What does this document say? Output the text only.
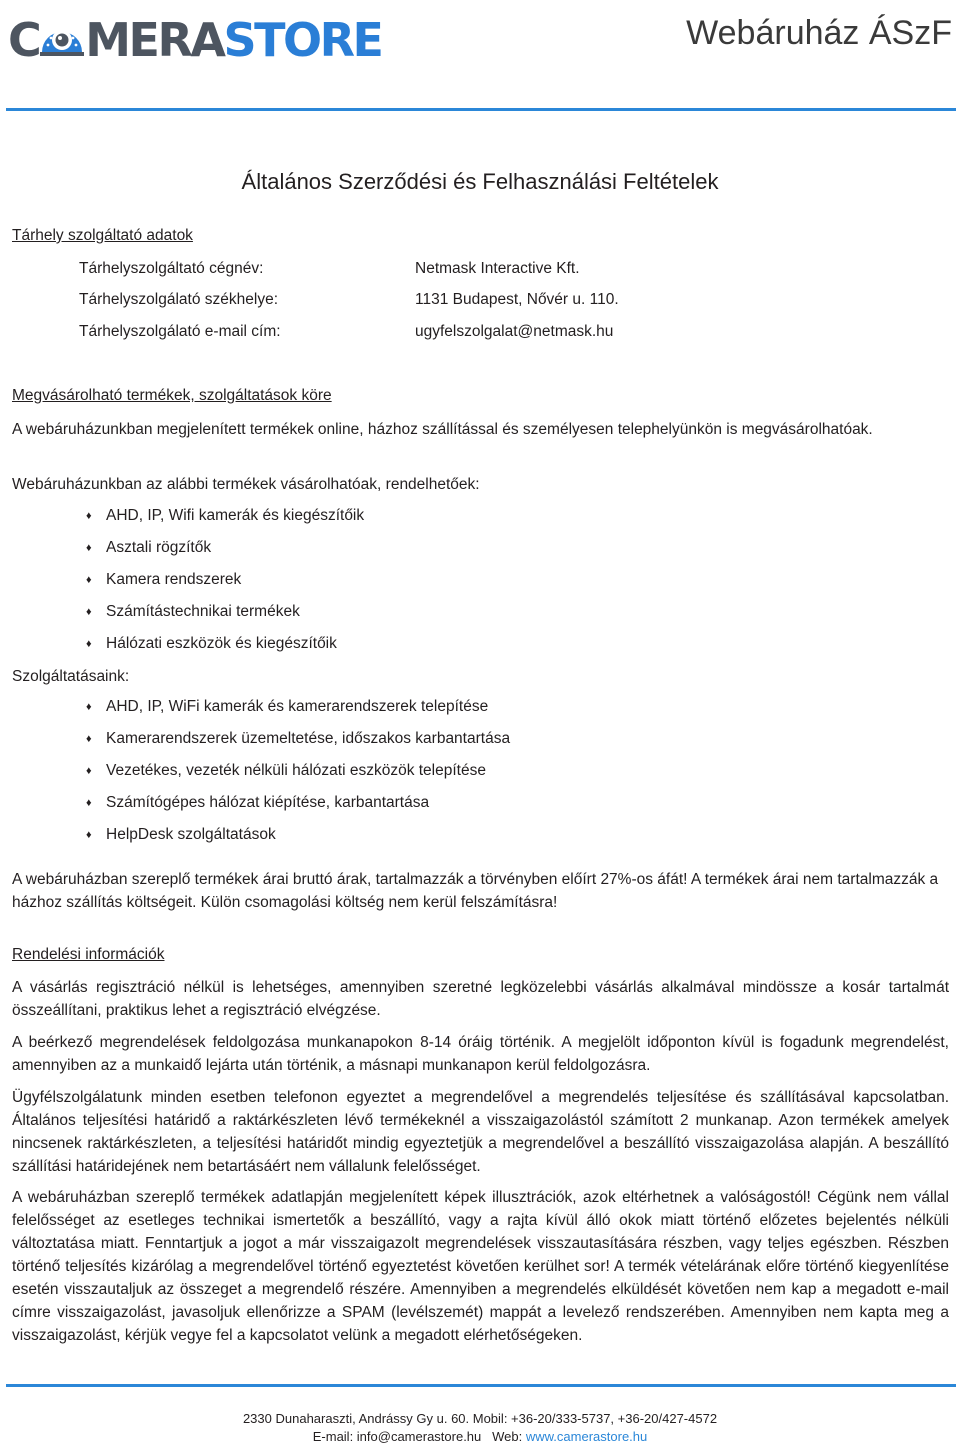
C MERASTORE	Webáruház ÁSzF
Általános Szerződési és Felhasználási Feltételek
Tárhely szolgáltató adatok
Tárhelyszolgáltató cégnév:	Netmask Interactive Kft.
Tárhelyszolgálató székhelye:	1131 Budapest, Nővér u. 110.
Tárhelyszolgálató e-mail cím:	ugyfelszolgalat@netmask.hu
Megvásárolható termékek, szolgáltatások köre

A webáruházunkban megjelenített termékek online, házhoz szállítással és személyesen telephelyünkön is megvásárolhatóak.

Webáruházunkban az alábbi termékek vásárolhatóak, rendelhetőek:

♦ AHD, IP, Wifi kamerák és kiegészítőik
♦ Asztali rögzítők
♦ Kamera rendszerek
♦ Számítástechnikai termékek
♦ Hálózati eszközök és kiegészítőik

Szolgáltatásaink:

♦ AHD, IP, WiFi kamerák és kamerarendszerek telepítése
♦ Kamerarendszerek üzemeltetése, időszakos karbantartása
♦ Vezetékes, vezeték nélküli hálózati eszközök telepítése
♦ Számítógépes hálózat kiépítése, karbantartása
♦ HelpDesk szolgáltatások

A webáruházban szereplő termékek árai bruttó árak, tartalmazzák a törvényben előírt 27%-os áfát! A termékek árai nem tartalmazzák a házhoz szállítás költségeit. Külön csomagolási költség nem kerül felszámításra!

Rendelési információk

A vásárlás regisztráció nélkül is lehetséges, amennyiben szeretné legközelebbi vásárlás alkalmával mindössze a kosár tartalmát összeállítani, praktikus lehet a regisztráció elvégzése.

A beérkező megrendelések feldolgozása munkanapokon 8-14 óráig történik. A megjelölt időponton kívül is fogadunk megrendelést, amennyiben az a munkaidő lejárta után történik, a másnapi munkanapon kerül feldolgozásra.

Ügyfélszolgálatunk minden esetben telefonon egyeztet a megrendelővel a megrendelés teljesítése és szállításával kapcsolatban. Általános teljesítési határidő a raktárkészleten lévő termékeknél a visszaigazolástól számított 2 munkanap. Azon termékek amelyek nincsenek raktárkészleten, a teljesítési határidőt mindig egyeztetjük a megrendelővel a beszállító visszaigazolása alapján. A beszállító szállítási határidejének nem betartásáért nem vállalunk felelősséget.

A webáruházban szereplő termékek adatlapján megjelenített képek illusztrációk, azok eltérhetnek a valóságostól! Cégünk nem vállal felelősséget az esetleges technikai ismertetők a beszállító, vagy a rajta kívül álló okok miatt történő előzetes bejelentés nélküli változtatása miatt. Fenntartjuk a jogot a már visszaigazolt megrendelések visszautasítására részben, vagy teljes egészben. Részben történő teljesítés kizárólag a megrendelővel történő egyeztetést követően kerülhet sor! A termék vételárának előre történő kiegyenlítése esetén visszautaljuk az összeget a megrendelő részére. Amennyiben a megrendelés elküldését követően nem kap a megadott e-mail címre visszaigazolást, javasoljuk ellenőrizze a SPAM (levélszemét) mappát a levelező rendszerében. Amennyiben nem kapta meg a visszaigazolást, kérjük vegye fel a kapcsolatot velünk a megadott elérhetőségeken.

2330 Dunaharaszti, Andrássy Gy u. 60. Mobil: +36-20/333-5737, +36-20/427-4572
E-mail: info@camerastore.hu Web: www.camerastore.hu
